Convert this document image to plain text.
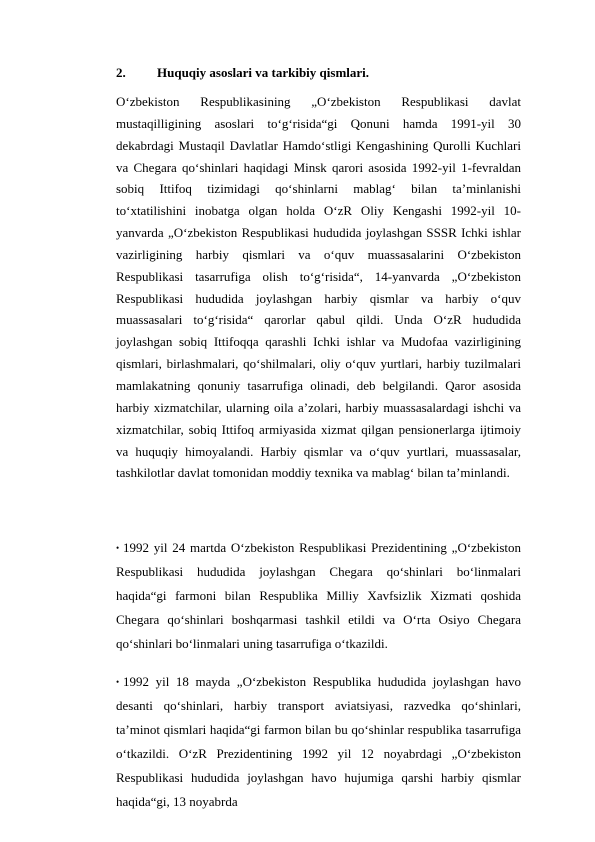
2. Huquqiy asoslari va tarkibiy qismlari.

O‘zbekiston Respublikasining „O‘zbekiston Respublikasi davlat mustaqilligining asoslari to‘g‘risida“gi Qonuni hamda 1991-yil 30 dekabrdagi Mustaqil Davlatlar Hamdo‘stligi Kengashining Qurolli Kuchlari va Chegara qo‘shinlari haqidagi Minsk qarori asosida 1992-yil 1-fevraldan sobiq Ittifoq tizimidagi qo‘shinlarni mablag‘ bilan ta’minlanishi to‘xtatilishini inobatga olgan holda O‘zR Oliy Kengashi 1992-yil 10-yanvarda „O‘zbekiston Respublikasi hududida joylashgan SSSR Ichki ishlar vazirligining harbiy qismlari va o‘quv muassasalarini O‘zbekiston Respublikasi tasarrufiga olish to‘g‘risida“, 14-yanvarda „O‘zbekiston Respublikasi hududida joylashgan harbiy qismlar va harbiy o‘quv muassasalari to‘g‘risida“ qarorlar qabul qildi. Unda O‘zR hududida joylashgan sobiq Ittifoqqa qarashli Ichki ishlar va Mudofaa vazirligining qismlari, birlashmalari, qo‘shilmalari, oliy o‘quv yurtlari, harbiy tuzilmalari mamlakatning qonuniy tasarrufiga olinadi, deb belgilandi. Qaror asosida harbiy xizmatchilar, ularning oila a’zolari, harbiy muassasalardagi ishchi va xizmatchilar, sobiq Ittifoq armiyasida xizmat qilgan pensionerlarga ijtimoiy va huquqiy himoyalandi. Harbiy qismlar va o‘quv yurtlari, muassasalar, tashkilotlar davlat tomonidan moddiy texnika va mablag‘ bilan ta’minlandi.

• 1992 yil 24 martda O‘zbekiston Respublikasi Prezidentining „O‘zbekiston Respublikasi hududida joylashgan Chegara qo‘shinlari bo‘linmalari haqida“gi farmoni bilan Respublika Milliy Xavfsizlik Xizmati qoshida Chegara qo‘shinlari boshqarmasi tashkil etildi va O‘rta Osiyo Chegara qo‘shinlari bo‘linmalari uning tasarrufiga o‘tkazildi.

• 1992 yil 18 mayda „O‘zbekiston Respublika hududida joylashgan havo desanti qo‘shinlari, harbiy transport aviatsiyasi, razvedka qo‘shinlari, ta’minot qismlari haqida“gi farmon bilan bu qo‘shinlar respublika tasarrufiga o‘tkazildi. O‘zR Prezidentining 1992 yil 12 noyabrdagi „O‘zbekiston Respublikasi hududida joylashgan havo hujumiga qarshi harbiy qismlar haqida“gi, 13 noyabrda
